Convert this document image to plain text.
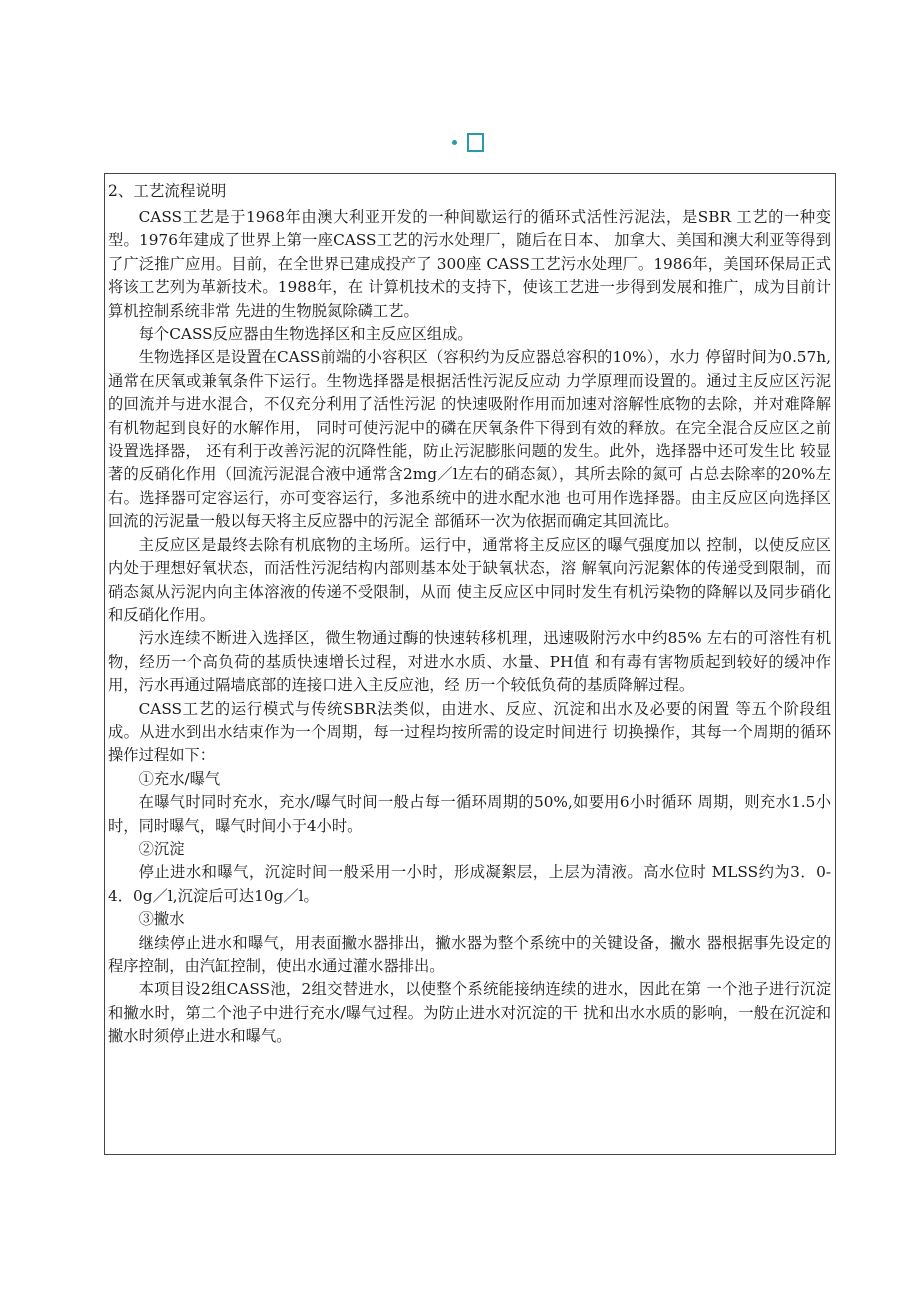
2、工艺流程说明

CASS工艺是于1968年由澳大利亚开发的一种间歇运行的循环式活性污泥法，是SBR 工艺的一种变型。1976年建成了世界上第一座CASS工艺的污水处理厂，随后在日本、 加拿大、美国和澳大利亚等得到了广泛推广应用。目前，在全世界已建成投产了 300座 CASS工艺污水处理厂。1986年，美国环保局正式将该工艺列为革新技术。1988年，在 计算机技术的支持下，使该工艺进一步得到发展和推广，成为目前计算机控制系统非常 先进的生物脱氮除磷工艺。

每个CASS反应器由生物选择区和主反应区组成。

生物选择区是设置在CASS前端的小容积区（容积约为反应器总容积的10%），水力 停留时间为0.57h,通常在厌氧或兼氧条件下运行。生物选择器是根据活性污泥反应动 力学原理而设置的。通过主反应区污泥的回流并与进水混合，不仅充分利用了活性污泥 的快速吸附作用而加速对溶解性底物的去除，并对难降解有机物起到良好的水解作用， 同时可使污泥中的磷在厌氧条件下得到有效的释放。在完全混合反应区之前设置选择器， 还有利于改善污泥的沉降性能，防止污泥膨胀问题的发生。此外，选择器中还可发生比 较显著的反硝化作用（回流污泥混合液中通常含2mg／l左右的硝态氮），其所去除的氮可 占总去除率的20%左右。选择器可定容运行，亦可变容运行，多池系统中的进水配水池 也可用作选择器。由主反应区向选择区回流的污泥量一般以每天将主反应器中的污泥全 部循环一次为依据而确定其回流比。

主反应区是最终去除有机底物的主场所。运行中，通常将主反应区的曝气强度加以 控制，以使反应区内处于理想好氧状态，而活性污泥结构内部则基本处于缺氧状态，溶 解氧向污泥絮体的传递受到限制，而硝态氮从污泥内向主体溶液的传递不受限制，从而 使主反应区中同时发生有机污染物的降解以及同步硝化和反硝化作用。

污水连续不断进入选择区，微生物通过酶的快速转移机理，迅速吸附污水中约85% 左右的可溶性有机物，经历一个高负荷的基质快速增长过程，对进水水质、水量、PH值 和有毒有害物质起到较好的缓冲作用，污水再通过隔墙底部的连接口进入主反应池，经 历一个较低负荷的基质降解过程。

CASS工艺的运行模式与传统SBR法类似，由进水、反应、沉淀和出水及必要的闲置 等五个阶段组成。从进水到出水结束作为一个周期，每一过程均按所需的设定时间进行 切换操作，其每一个周期的循环操作过程如下：

①充水/曝气

在曝气时同时充水，充水/曝气时间一般占每一循环周期的50%,如要用6小时循环 周期，则充水1.5小时，同时曝气，曝气时间小于4小时。

②沉淀

停止进水和曝气，沉淀时间一般采用一小时，形成凝絮层，上层为清液。高水位时 MLSS约为3．0-4．0g／l,沉淀后可达10g／l。

③撇水

继续停止进水和曝气，用表面撇水器排出，撇水器为整个系统中的关键设备，撇水 器根据事先设定的程序控制，由汽缸控制，使出水通过灌水器排出。

本项目设2组CASS池，2组交替进水，以使整个系统能接纳连续的进水，因此在第 一个池子进行沉淀和撇水时，第二个池子中进行充水/曝气过程。为防止进水对沉淀的干 扰和出水水质的影响，一般在沉淀和撇水时须停止进水和曝气。
